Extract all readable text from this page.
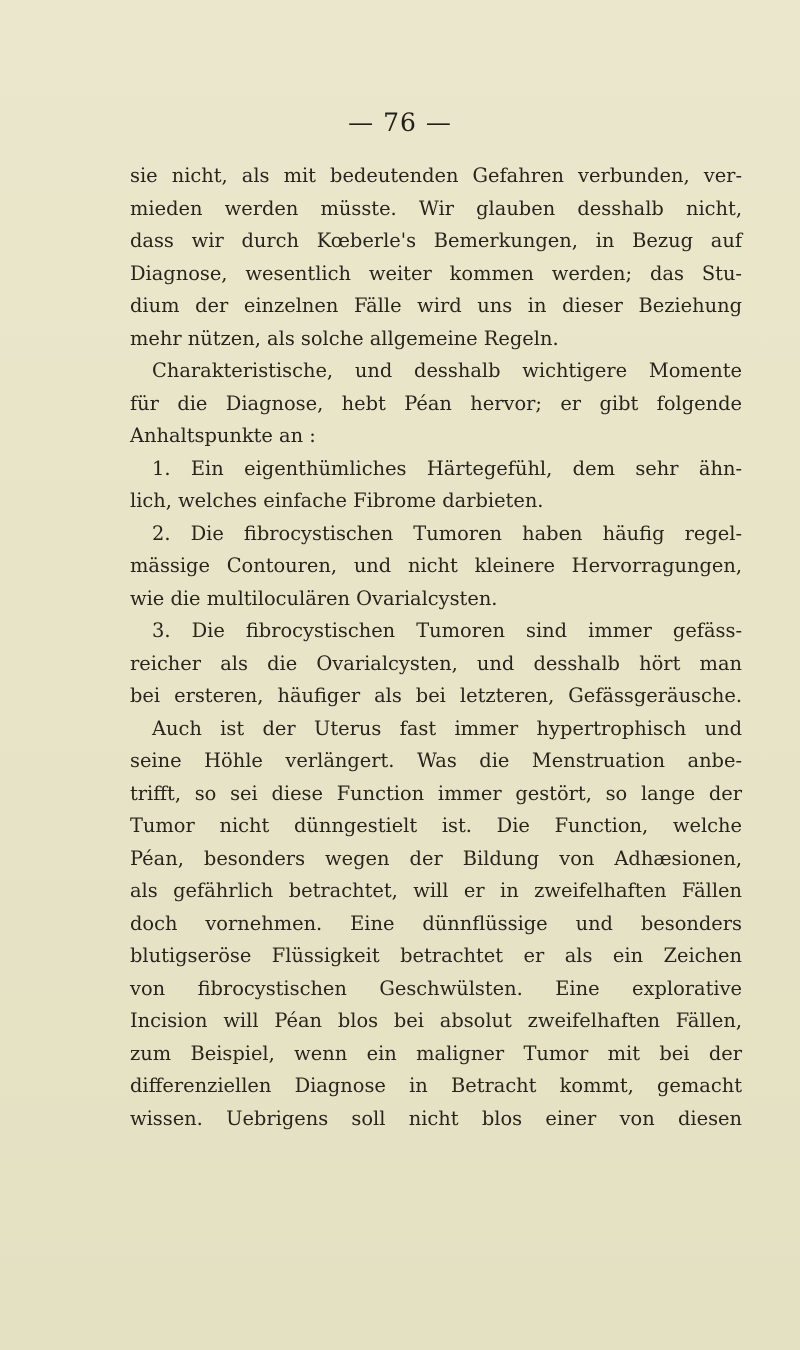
— 76 —
sie nicht, als mit bedeutenden Gefahren verbunden, ver-
mieden werden müsste. Wir glauben desshalb nicht,
dass wir durch Kœberle's Bemerkungen, in Bezug auf
Diagnose, wesentlich weiter kommen werden; das Stu-
dium der einzelnen Fälle wird uns in dieser Beziehung
mehr nützen, als solche allgemeine Regeln.
Charakteristische, und desshalb wichtigere Momente
für die Diagnose, hebt Péan hervor; er gibt folgende
Anhaltspunkte an :
1. Ein eigenthümliches Härtegefühl, dem sehr ähn-
lich, welches einfache Fibrome darbieten.
2. Die fibrocystischen Tumoren haben häufig regel-
mässige Contouren, und nicht kleinere Hervorragungen,
wie die multiloculären Ovarialcysten.
3. Die fibrocystischen Tumoren sind immer gefäss-
reicher als die Ovarialcysten, und desshalb hört man
bei ersteren, häufiger als bei letzteren, Gefässgeräusche.
Auch ist der Uterus fast immer hypertrophisch und
seine Höhle verlängert. Was die Menstruation anbe-
trifft, so sei diese Function immer gestört, so lange der
Tumor nicht dünngestielt ist. Die Function, welche
Péan, besonders wegen der Bildung von Adhæsionen,
als gefährlich betrachtet, will er in zweifelhaften Fällen
doch vornehmen. Eine dünnflüssige und besonders
blutigseröse Flüssigkeit betrachtet er als ein Zeichen
von fibrocystischen Geschwülsten. Eine explorative
Incision will Péan blos bei absolut zweifelhaften Fällen,
zum Beispiel, wenn ein maligner Tumor mit bei der
differenziellen Diagnose in Betracht kommt, gemacht
wissen. Uebrigens soll nicht blos einer von diesen
